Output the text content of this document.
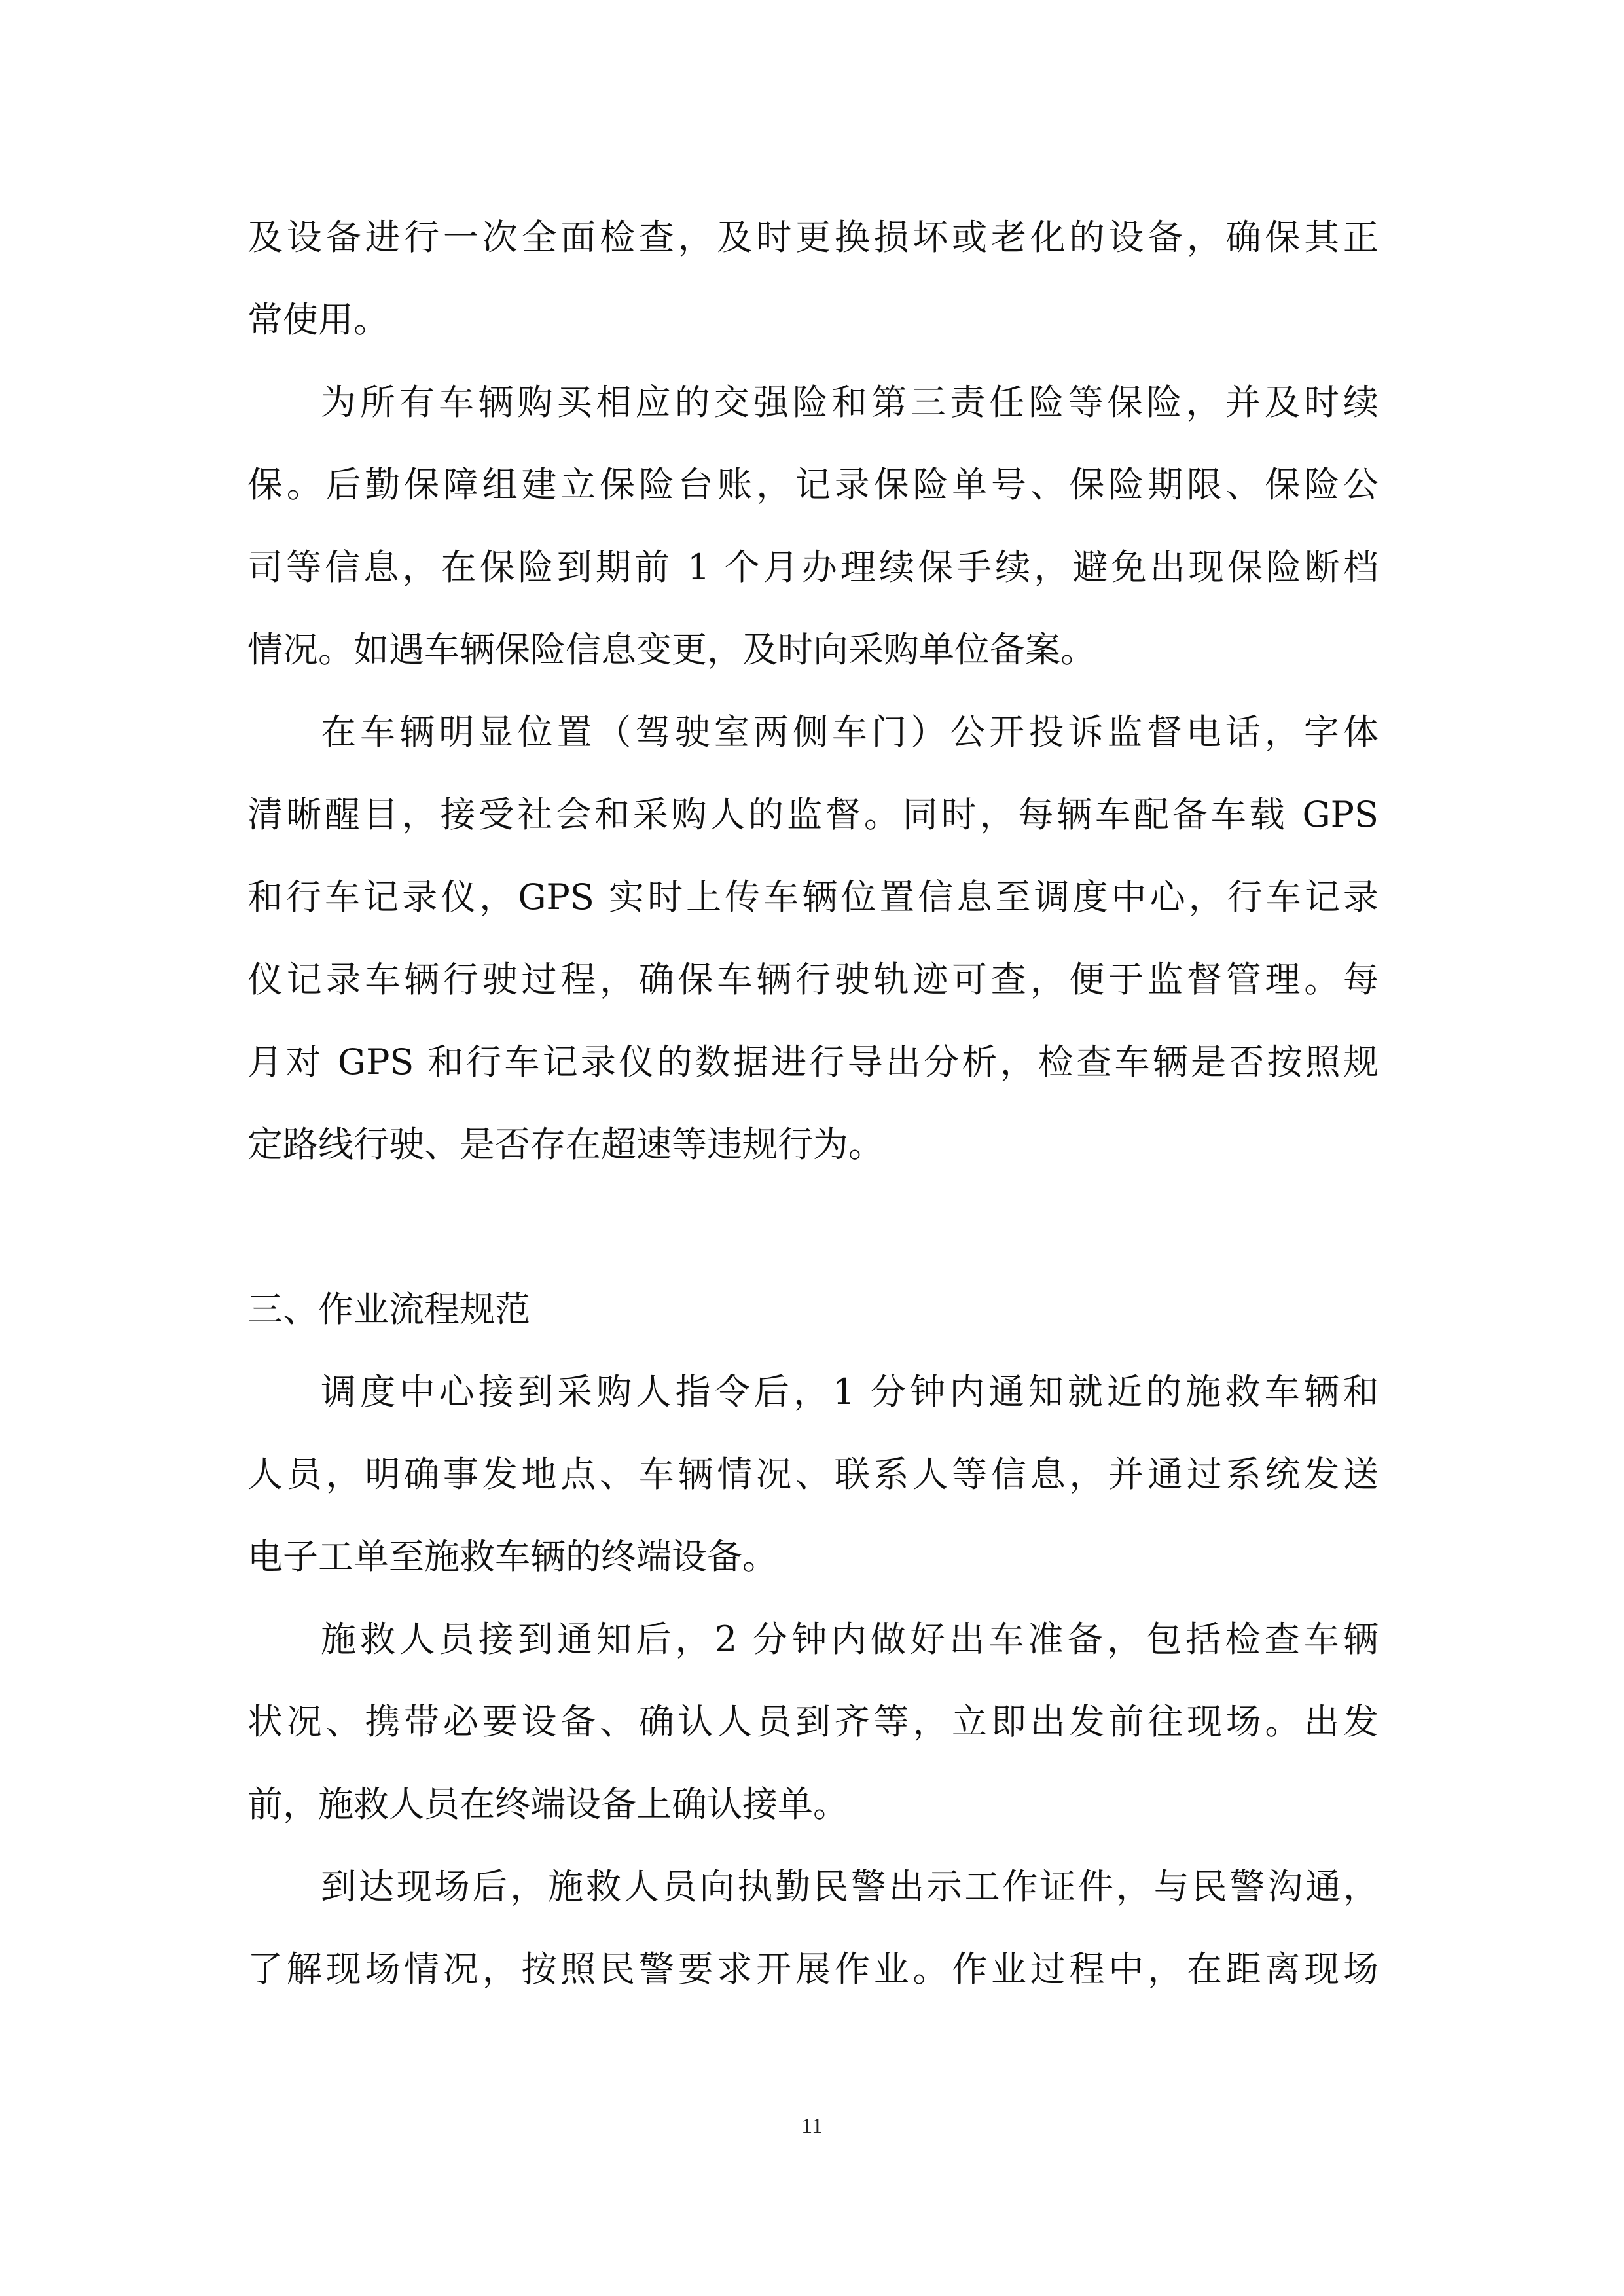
及设备进行一次全面检查，及时更换损坏或老化的设备，确保其正
常使用。
为所有车辆购买相应的交强险和第三责任险等保险，并及时续
保。后勤保障组建立保险台账，记录保险单号、保险期限、保险公
司等信息，在保险到期前 1 个月办理续保手续，避免出现保险断档
情况。如遇车辆保险信息变更，及时向采购单位备案。
在车辆明显位置（驾驶室两侧车门）公开投诉监督电话，字体
清晰醒目，接受社会和采购人的监督。同时，每辆车配备车载 GPS
和行车记录仪，GPS 实时上传车辆位置信息至调度中心，行车记录
仪记录车辆行驶过程，确保车辆行驶轨迹可查，便于监督管理。每
月对 GPS 和行车记录仪的数据进行导出分析，检查车辆是否按照规
定路线行驶、是否存在超速等违规行为。
三、作业流程规范
调度中心接到采购人指令后，1 分钟内通知就近的施救车辆和
人员，明确事发地点、车辆情况、联系人等信息，并通过系统发送
电子工单至施救车辆的终端设备。
施救人员接到通知后，2 分钟内做好出车准备，包括检查车辆
状况、携带必要设备、确认人员到齐等，立即出发前往现场。出发
前，施救人员在终端设备上确认接单。
到达现场后，施救人员向执勤民警出示工作证件，与民警沟通，
了解现场情况，按照民警要求开展作业。作业过程中，在距离现场
11
